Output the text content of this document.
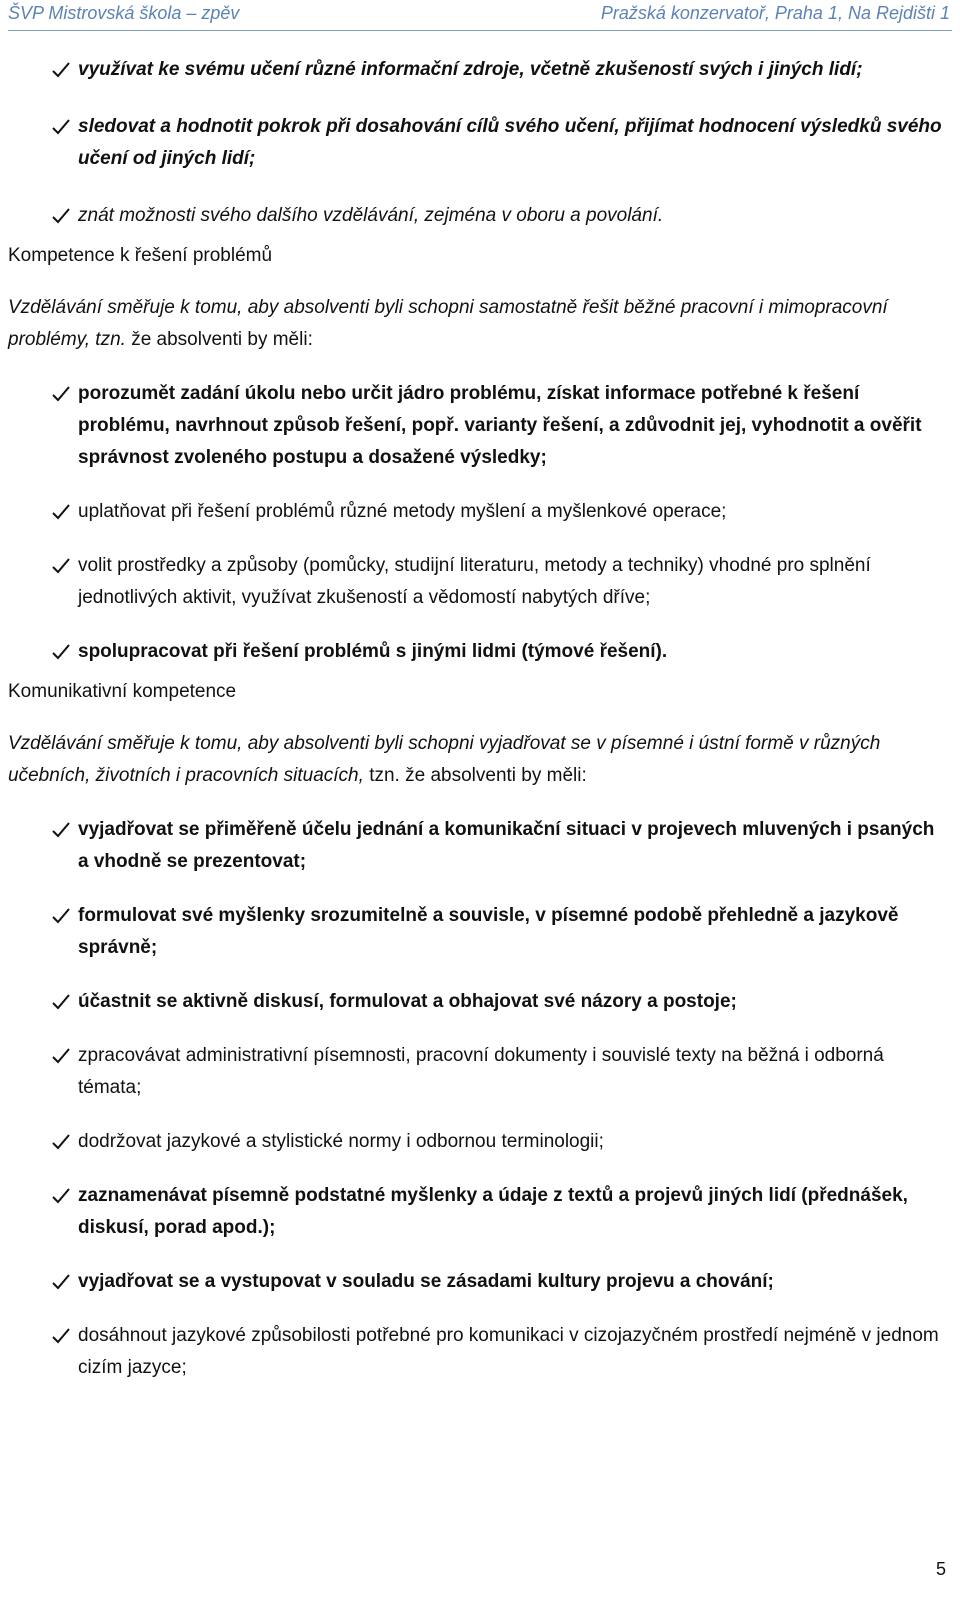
ŠVP Mistrovská škola – zpěv	Pražská konzervatoř, Praha 1, Na Rejdišti 1
využívat ke svému učení různé informační zdroje, včetně zkušeností svých i jiných lidí;
sledovat a hodnotit pokrok při dosahování cílů svého učení, přijímat hodnocení výsledků svého učení od jiných lidí;
znát možnosti svého dalšího vzdělávání, zejména v oboru a povolání.
Kompetence k řešení problémů

Vzdělávání směřuje k tomu, aby absolventi byli schopni samostatně řešit běžné pracovní i mimopracovní problémy, tzn. že absolventi by měli:

porozumět zadání úkolu nebo určit jádro problému, získat informace potřebné k řešení problému, navrhnout způsob řešení, popř. varianty řešení, a zdůvodnit jej, vyhodnotit a ověřit správnost zvoleného postupu a dosažené výsledky;
uplatňovat při řešení problémů různé metody myšlení a myšlenkové operace;
volit prostředky a způsoby (pomůcky, studijní literaturu, metody a techniky) vhodné pro splnění jednotlivých aktivit, využívat zkušeností a vědomostí nabytých dříve;
spolupracovat při řešení problémů s jinými lidmi (týmové řešení).
Komunikativní kompetence

Vzdělávání směřuje k tomu, aby absolventi byli schopni vyjadřovat se v písemné i ústní formě v různých učebních, životních i pracovních situacích, tzn. že absolventi by měli:

vyjadřovat se přiměřeně účelu jednání a komunikační situaci v projevech mluvených i psaných a vhodně se prezentovat;
formulovat své myšlenky srozumitelně a souvisle, v písemné podobě přehledně a jazykově správně;
účastnit se aktivně diskusí, formulovat a obhajovat své názory a postoje;
zpracovávat administrativní písemnosti, pracovní dokumenty i souvislé texty na běžná i odborná témata;
dodržovat jazykové a stylistické normy i odbornou terminologii;
zaznamenávat písemně podstatné myšlenky a údaje z textů a projevů jiných lidí (přednášek, diskusí, porad apod.);
vyjadřovat se a vystupovat v souladu se zásadami kultury projevu a chování;
dosáhnout jazykové způsobilosti potřebné pro komunikaci v cizojazyčném prostředí nejméně v jednom cizím jazyce;
5
